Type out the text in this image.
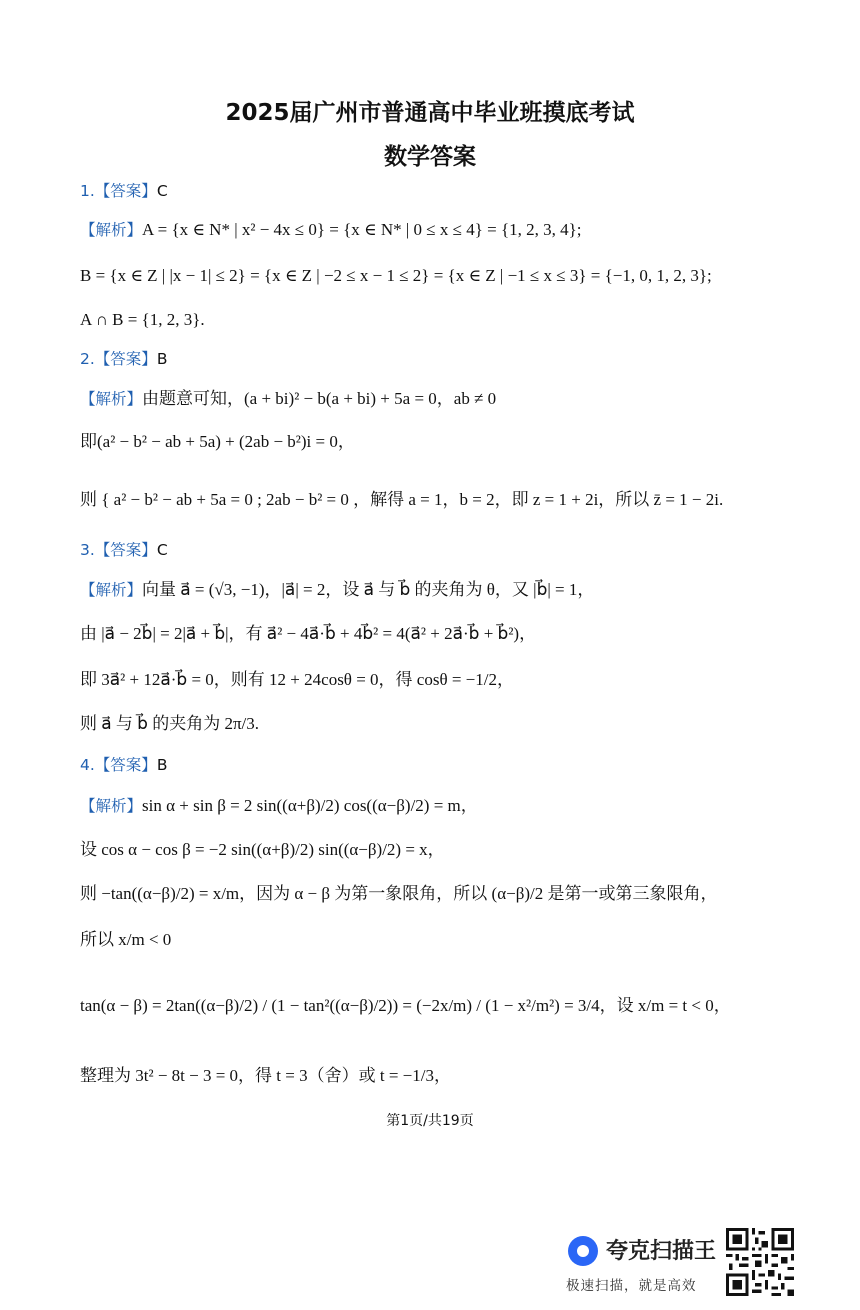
2025届广州市普通高中毕业班摸底考试
数学答案
1.【答案】C
【解析】A = {x ∈ N* | x² − 4x ≤ 0} = {x ∈ N* | 0 ≤ x ≤ 4} = {1, 2, 3, 4};
B = {x ∈ Z | |x − 1| ≤ 2} = {x ∈ Z | −2 ≤ x − 1 ≤ 2} = {x ∈ Z | −1 ≤ x ≤ 3} = {−1, 0, 1, 2, 3};
A ∩ B = {1, 2, 3}.
2.【答案】B
【解析】由题意可知，(a + bi)² − b(a + bi) + 5a = 0，ab ≠ 0
即(a² − b² − ab + 5a) + (2ab − b²)i = 0，
则 { a² − b² − ab + 5a = 0 ; 2ab − b² = 0 ，解得 a = 1，b = 2，即 z = 1 + 2i，所以 z̄ = 1 − 2i.
3.【答案】C
【解析】向量 a⃗ = (√3, −1)，|a⃗| = 2，设 a⃗ 与 b⃗ 的夹角为 θ，又 |b⃗| = 1，
由 |a⃗ − 2b⃗| = 2|a⃗ + b⃗|，有 a⃗² − 4a⃗·b⃗ + 4b⃗² = 4(a⃗² + 2a⃗·b⃗ + b⃗²)，
即 3a⃗² + 12a⃗·b⃗ = 0，则有 12 + 24cosθ = 0，得 cosθ = −1/2，
则 a⃗ 与 b⃗ 的夹角为 2π/3.
4.【答案】B
【解析】sin α + sin β = 2 sin((α+β)/2) cos((α−β)/2) = m，
设 cos α − cos β = −2 sin((α+β)/2) sin((α−β)/2) = x，
则 −tan((α−β)/2) = x/m，因为 α − β 为第一象限角，所以 (α−β)/2 是第一或第三象限角，
所以 x/m < 0
tan(α − β) = 2tan((α−β)/2) / (1 − tan²((α−β)/2)) = (−2x/m) / (1 − x²/m²) = 3/4，设 x/m = t < 0，
整理为 3t² − 8t − 3 = 0，得 t = 3（舍）或 t = −1/3，
第1页/共19页
夸克扫描王
极速扫描，就是高效
